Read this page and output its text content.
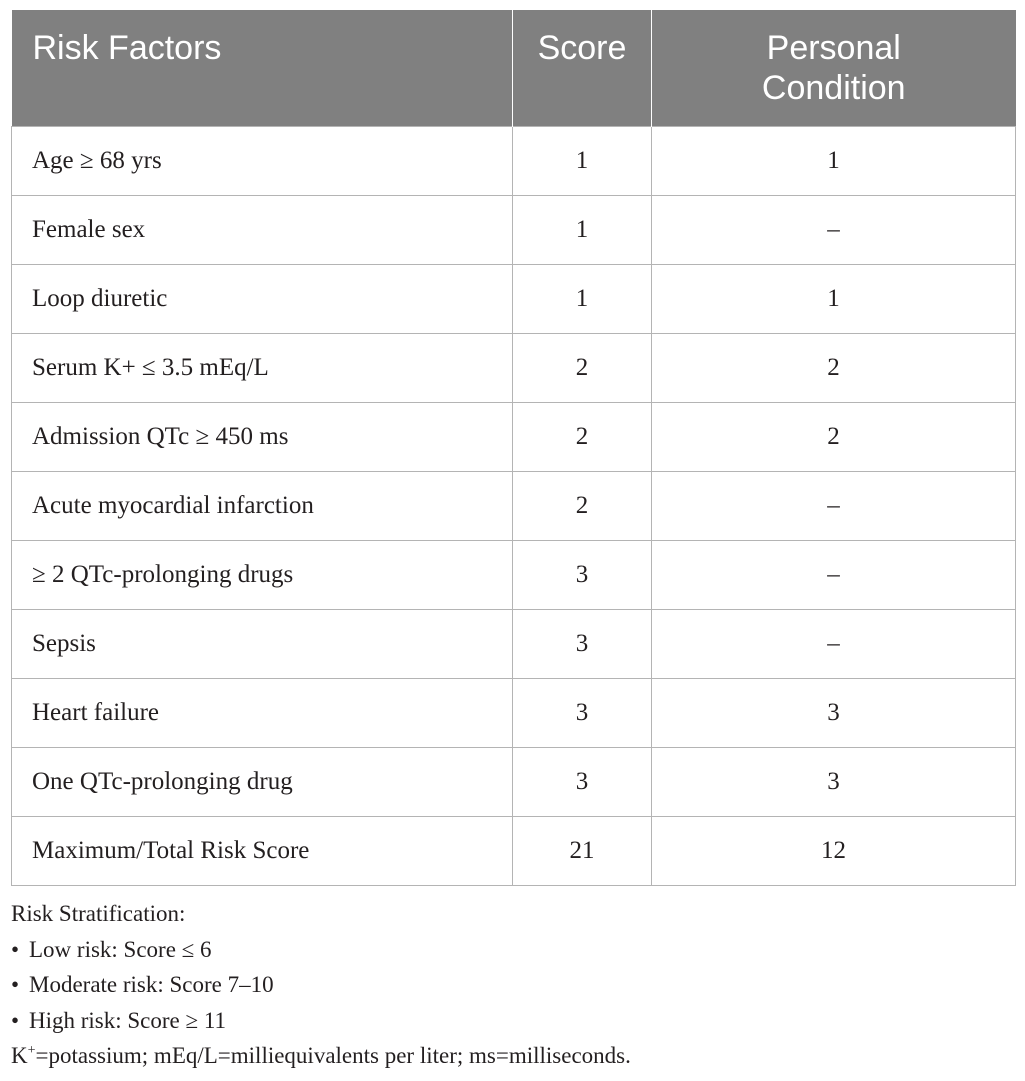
Risk Factors	Score	Personal
Condition
Age ≥ 68 yrs	1	1
Female sex	1	–
Loop diuretic	1	1
Serum K+ ≤ 3.5 mEq/L	2	2
Admission QTc ≥ 450 ms	2	2
Acute myocardial infarction	2	–
≥ 2 QTc-prolonging drugs	3	–
Sepsis	3	–
Heart failure	3	3
One QTc-prolonging drug	3	3
Maximum/Total Risk Score	21	12
Risk Stratification:
• Low risk: Score ≤ 6
• Moderate risk: Score 7–10
• High risk: Score ≥ 11
K+=potassium; mEq/L=milliequivalents per liter; ms=milliseconds.
